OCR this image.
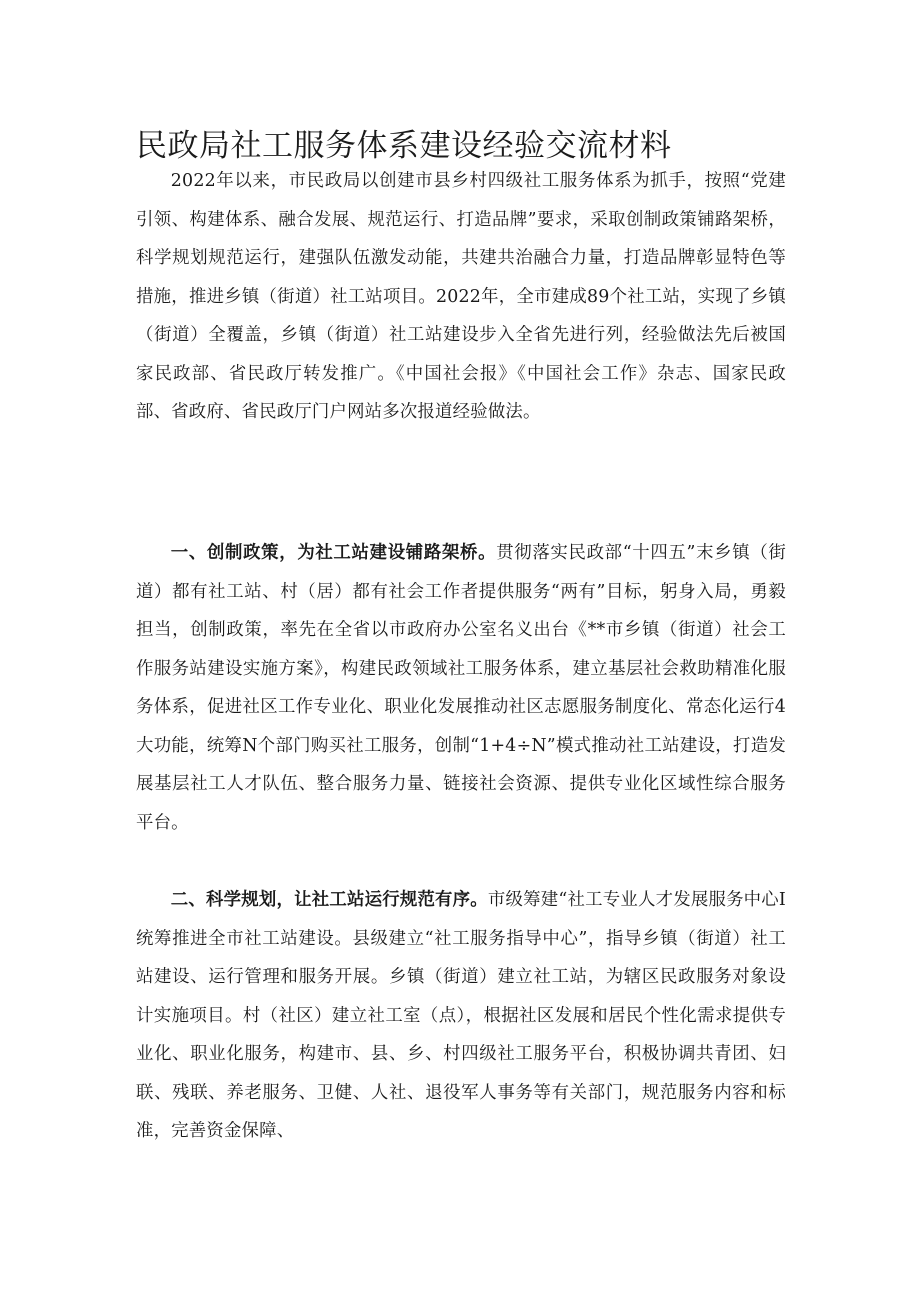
民政局社工服务体系建设经验交流材料

2022年以来，市民政局以创建市县乡村四级社工服务体系为抓手，按照“党建引领、构建体系、融合发展、规范运行、打造品牌”要求，采取创制政策铺路架桥，科学规划规范运行，建强队伍激发动能，共建共治融合力量，打造品牌彰显特色等措施，推进乡镇（街道）社工站项目。2022年，全市建成89个社工站，实现了乡镇（街道）全覆盖，乡镇（街道）社工站建设步入全省先进行列，经验做法先后被国家民政部、省民政厅转发推广。《中国社会报》《中国社会工作》杂志、国家民政部、省政府、省民政厅门户网站多次报道经验做法。

一、创制政策，为社工站建设铺路架桥。贯彻落实民政部“十四五”末乡镇（街道）都有社工站、村（居）都有社会工作者提供服务“两有”目标，躬身入局，勇毅担当，创制政策，率先在全省以市政府办公室名义出台《**市乡镇（街道）社会工作服务站建设实施方案》，构建民政领域社工服务体系，建立基层社会救助精准化服务体系，促进社区工作专业化、职业化发展推动社区志愿服务制度化、常态化运行4大功能，统筹N个部门购买社工服务，创制“1+4÷N”模式推动社工站建设，打造发展基层社工人才队伍、整合服务力量、链接社会资源、提供专业化区域性综合服务平台。

二、科学规划，让社工站运行规范有序。市级筹建“社工专业人才发展服务中心I统筹推进全市社工站建设。县级建立“社工服务指导中心”，指导乡镇（街道）社工站建设、运行管理和服务开展。乡镇（街道）建立社工站，为辖区民政服务对象设计实施项目。村（社区）建立社工室（点），根据社区发展和居民个性化需求提供专业化、职业化服务，构建市、县、乡、村四级社工服务平台，积极协调共青团、妇联、残联、养老服务、卫健、人社、退役军人事务等有关部门，规范服务内容和标准，完善资金保障、
